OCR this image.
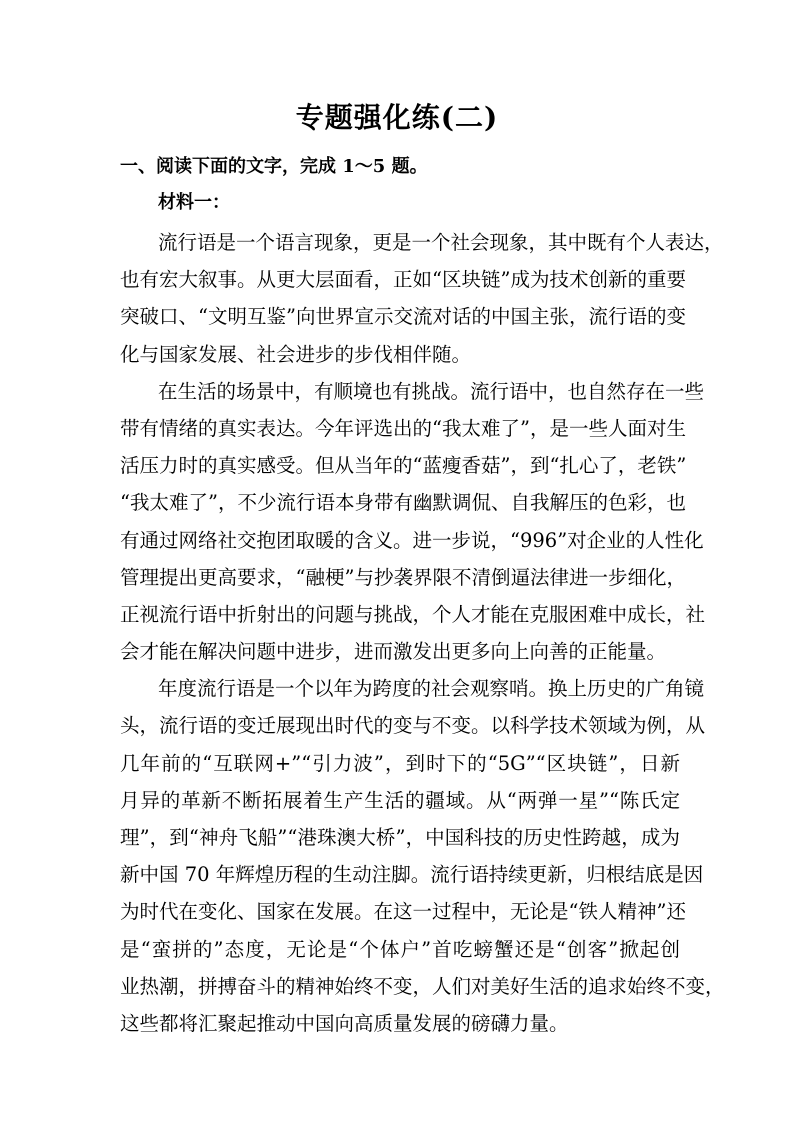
专题强化练(二)
一、阅读下面的文字，完成 1～5 题。
材料一：

流行语是一个语言现象，更是一个社会现象，其中既有个人表达，
也有宏大叙事。从更大层面看，正如“区块链”成为技术创新的重要
突破口、“文明互鉴”向世界宣示交流对话的中国主张，流行语的变
化与国家发展、社会进步的步伐相伴随。

在生活的场景中，有顺境也有挑战。流行语中，也自然存在一些
带有情绪的真实表达。今年评选出的“我太难了”，是一些人面对生
活压力时的真实感受。但从当年的“蓝瘦香菇”，到“扎心了，老铁”
“我太难了”，不少流行语本身带有幽默调侃、自我解压的色彩，也
有通过网络社交抱团取暖的含义。进一步说，“996”对企业的人性化
管理提出更高要求，“融梗”与抄袭界限不清倒逼法律进一步细化，
正视流行语中折射出的问题与挑战，个人才能在克服困难中成长，社
会才能在解决问题中进步，进而激发出更多向上向善的正能量。

年度流行语是一个以年为跨度的社会观察哨。换上历史的广角镜
头，流行语的变迁展现出时代的变与不变。以科学技术领域为例，从
几年前的“互联网+”“引力波”，到时下的“5G”“区块链”，日新
月异的革新不断拓展着生产生活的疆域。从“两弹一星”“陈氏定
理”，到“神舟飞船”“港珠澳大桥”，中国科技的历史性跨越，成为
新中国 70 年辉煌历程的生动注脚。流行语持续更新，归根结底是因
为时代在变化、国家在发展。在这一过程中，无论是“铁人精神”还
是“蛮拼的”态度，无论是“个体户”首吃螃蟹还是“创客”掀起创
业热潮，拼搏奋斗的精神始终不变，人们对美好生活的追求始终不变，
这些都将汇聚起推动中国向高质量发展的磅礴力量。
